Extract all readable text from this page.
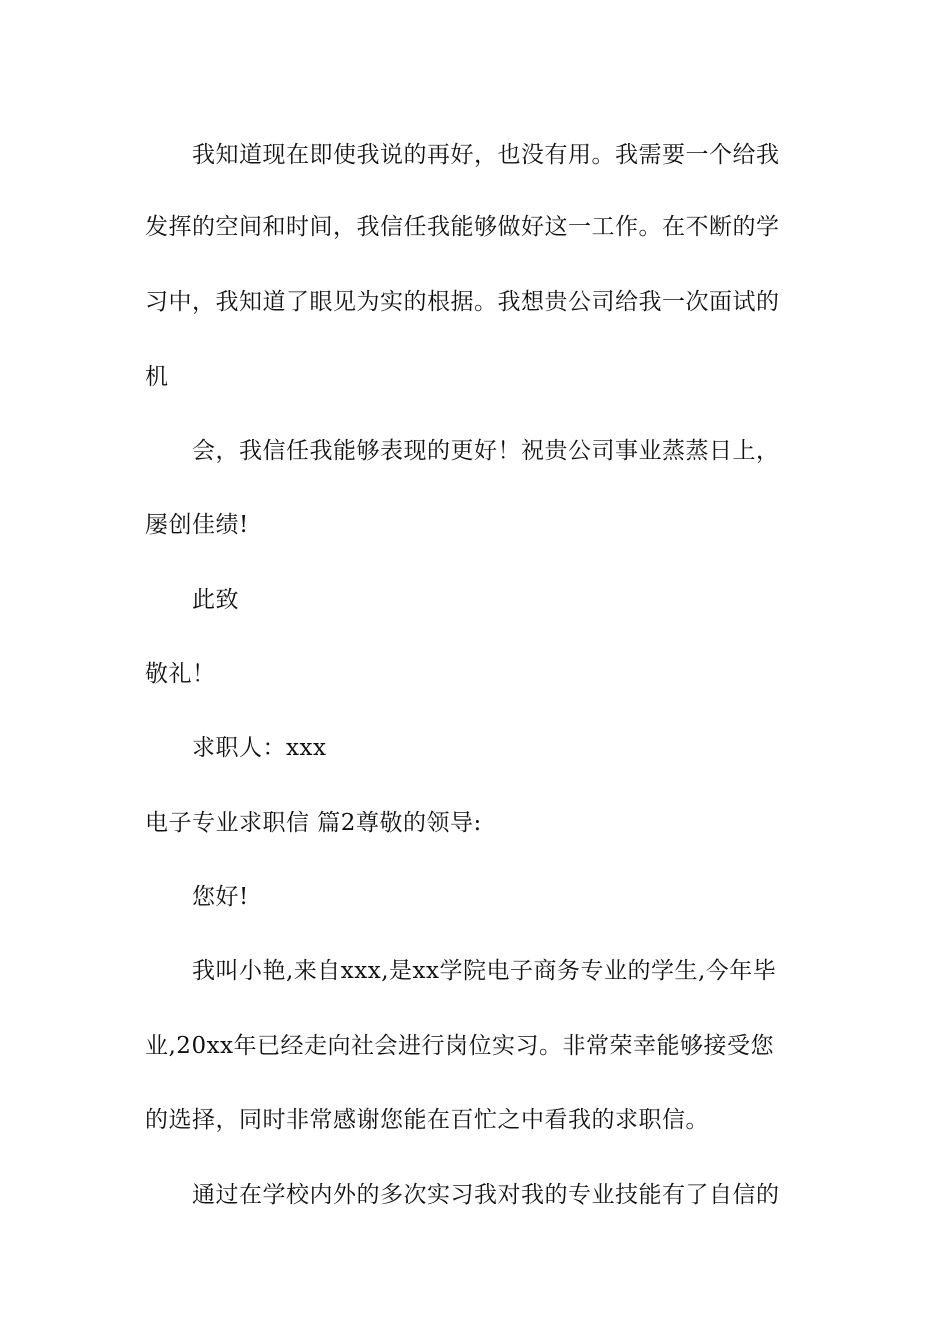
我知道现在即使我说的再好，也没有用。我需要一个给我
发挥的空间和时间，我信任我能够做好这一工作。在不断的学
习中，我知道了眼见为实的根据。我想贵公司给我一次面试的
机
会，我信任我能够表现的更好！祝贵公司事业蒸蒸日上，
屡创佳绩!
此致
敬礼！
求职人：xxx
电子专业求职信 篇2尊敬的领导:
您好!
我叫小艳,来自xxx,是xx学院电子商务专业的学生,今年毕
业,20xx年已经走向社会进行岗位实习。非常荣幸能够接受您
的选择，同时非常感谢您能在百忙之中看我的求职信。
通过在学校内外的多次实习我对我的专业技能有了自信的
